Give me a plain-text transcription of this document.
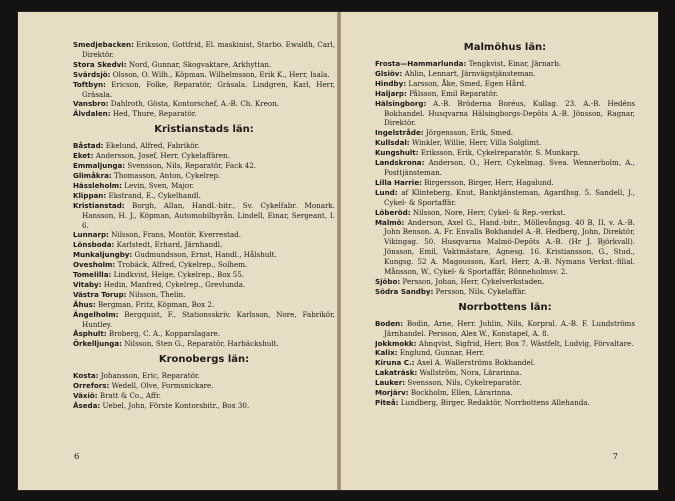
Smedjebacken: Eriksson, Gottfrid, El. maskinist, Starbo. Ewaldh, Carl, Direktör.

Stora Skedvi: Nord, Gunnar, Skogvaktare, Arkhyttan.

Svärdsjö: Olsson, O. Wilh., Köpman. Wilhelmsson, Erik K., Herr, Isala.

Toftbyn: Ericson, Folke, Reparatör, Gräsala. Lindgren, Karl, Herr, Gräsala.

Vansbro: Dahlroth, Gösta, Kontorschef, A.-B. Ch. Kreon.

Älvdalen: Hed, Thure, Reparatör.

Kristianstads län:

Båstad: Ekelund, Alfred, Fabrikör.

Eket: Andersson, Josef, Herr, Cykelaffären.

Emmaljunga: Svensson, Nils, Reparatör, Fack 42.

Glimåkra: Thomasson, Anton, Cykelrep.

Hässleholm: Levin, Sven, Major.

Klippan: Ekstrand, E., Cykelhandl.

Kristianstad: Borgh, Allan, Handl.-bitr., Sv. Cykelfabr. Monark. Hansson, H. J., Köpman, Automobilbyrån. Lindell, Einar, Sergeant, I. 6.

Lunnarp: Nilsson, Frans, Montör, Kverrestad.

Lönsboda: Karlstedt, Erhard, Järnhandl.

Munkaljungby: Gudmundsson, Ernst, Handl., Hålshult.

Ovesholm: Trobäck, Alfred, Cykelrep., Solhem.

Tomelilla: Lindkvist, Helge, Cykelrep., Box 55.

Vitaby: Hedin, Manfred, Cykelrep., Grevlunda.

Västra Torup: Nilsson, Thelin.

Åhus: Bergman, Fritz, Köpman, Box 2.

Ängelholm: Bergquist, F., Stationsskriv. Karlsson, Nore, Fabrikör, Huntley.

Åsphult: Broberg, C. A., Kopparslagare.

Örkelljunga: Nilsson, Sten G., Reparatör, Harbäckshult.

Kronobergs län:

Kosta: Johansson, Eric, Reparatör.

Orrefors: Wedell, Olve, Formsnickare.

Växiö: Bratt & Co., Affr.

Åseda: Uebel, John, Förste Kontorsbitr., Box 30.

6
Malmöhus län:

Frosta—Hammarlunda: Tengkvist, Einar, Järnarb.

Glsiöv: Ahlin, Lennart, Järnvägstjänsteman.

Hindby: Larsson, Åke, Smed, Egen Hård.

Haljarp: Pålsson, Emil Reparatör.

Hälsingborg: A.-B. Bröderna Boréus, Kullag. 23. A.-B. Hedéns Bokhandel. Husqvarna Hälsingborgs-Depôts A.-B. Jönsson, Ragnar, Direktör.

Ingelstråde: Jörgensson, Erik, Smed.

Kullsdal: Winkler, Willie, Herr, Villa Solglimt.

Kungshult: Eriksson, Erik, Cykelreparatör, S. Munkarp.

Landskrona: Anderson, O., Herr, Cykelmag. Svea. Wennerholm, A., Posttjänsteman.

Lilla Harrie: Birgersson, Birger, Herr, Hagalund.

Lund: af Klinteberg, Knut, Banktjänsteman, Agardhsg. 5. Sandell, J., Cykel- & Sportaffär.

Löberöd: Nilsson, Nore, Herr, Cykel- & Rep.-verkst.

Malmö: Anderson, Axel G., Hand.-bitr., Möllevångsg. 40 B, II, v. A.-B. John Benson. A. Fr. Envalls Bokhandel A.-B. Hedberg, John, Direktör, Vikingag. 50. Husqvarna Malmö-Depôts A.-B. (Hr J. Björkvall). Jönsson, Emil, Vaktmästare, Agnesg. 16. Kristiansson, G., Stud., Kungsg. 52 A. Magousson, Karl, Herr, A.-B. Nymans Verkst.-filial. Månsson, W., Cykel- & Sportaffär, Rönneholmsv. 2.

Sjöbo: Persson, Johan, Herr, Cykelverkstaden.

Södra Sandby: Persson, Nils, Cykelaffär.

Norrbottens län:

Boden: Bodin, Arne, Herr. Juhlin, Nils, Korpral. A.-B. F. Lundströms Järnhandel. Persson, Alex W., Konstapel, A. 8.

Jokkmokk: Ahnqvist, Sigfrid, Herr, Box 7. Wästfelt, Ludvig, Förvaltare.

Kalix: Englund, Gunnar, Herr.

Kiruna C.: Axel A. Wallerströms Bokhandel.

Lakaträsk: Wallström, Nora, Lärarinna.

Lauker: Svensson, Nils, Cykelreparatör.

Morjärv: Bockholm, Ellen, Lärarinna.

Piteå: Lundberg, Birger, Redaktör, Norrbottens Allehanda.

7
